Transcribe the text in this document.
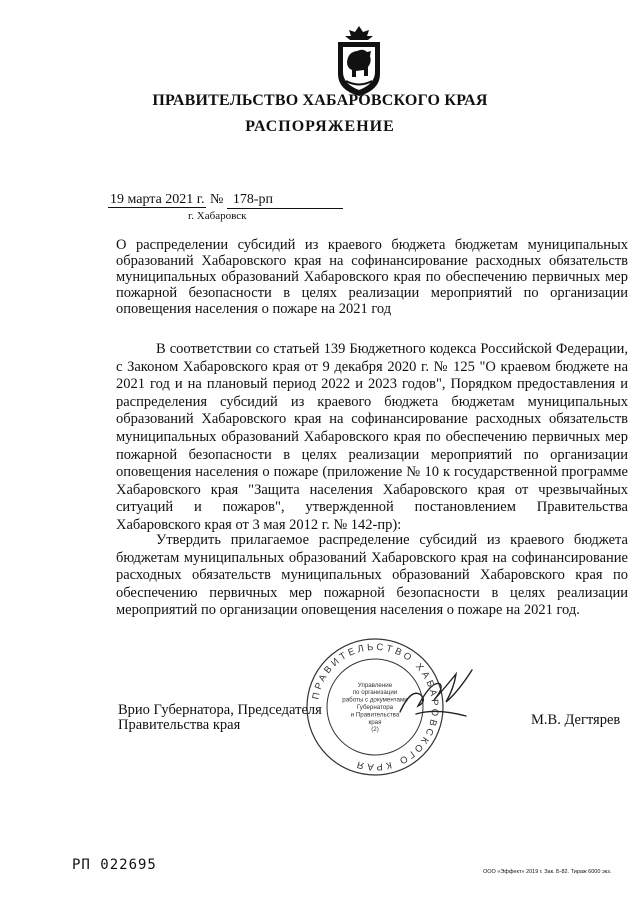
ПРАВИТЕЛЬСТВО ХАБАРОВСКОГО КРАЯ
РАСПОРЯЖЕНИЕ
19 марта 2021 г. № 178-рп
г. Хабаровск
О распределении субсидий из краевого бюджета бюджетам муниципальных образований Хабаровского края на софинансирование расходных обязательств муниципальных образований Хабаровского края по обеспечению первичных мер пожарной безопасности в целях реализации мероприятий по организации оповещения населения о пожаре на 2021 год

В соответствии со статьей 139 Бюджетного кодекса Российской Федерации, с Законом Хабаровского края от 9 декабря 2020 г. № 125 "О краевом бюджете на 2021 год и на плановый период 2022 и 2023 годов", Порядком предоставления и распределения субсидий из краевого бюджета бюджетам муниципальных образований Хабаровского края на софинансирование расходных обязательств муниципальных образований Хабаровского края по обеспечению первичных мер пожарной безопасности в целях реализации мероприятий по организации оповещения населения о пожаре (приложение № 10 к государственной программе Хабаровского края "Защита населения Хабаровского края от чрезвычайных ситуаций и пожаров", утвержденной постановлением Правительства Хабаровского края от 3 мая 2012 г. № 142-пр):

Утвердить прилагаемое распределение субсидий из краевого бюджета бюджетам муниципальных образований Хабаровского края на софинансирование расходных обязательств муниципальных образований Хабаровского края по обеспечению первичных мер пожарной безопасности в целях реализации мероприятий по организации оповещения населения о пожаре на 2021 год.

ПРАВИТЕЛЬСТВО ХАБАРОВСКОГО КРАЯ
Управление
по организации
работы с документами
Губернатора
и Правительства
края
(2)
Врио Губернатора, Председателя
Правительства края	М.В. Дегтярев
РП 022695	ООО «Эффект» 2019 г. Зак. Б-82. Тираж 6000 экз.
